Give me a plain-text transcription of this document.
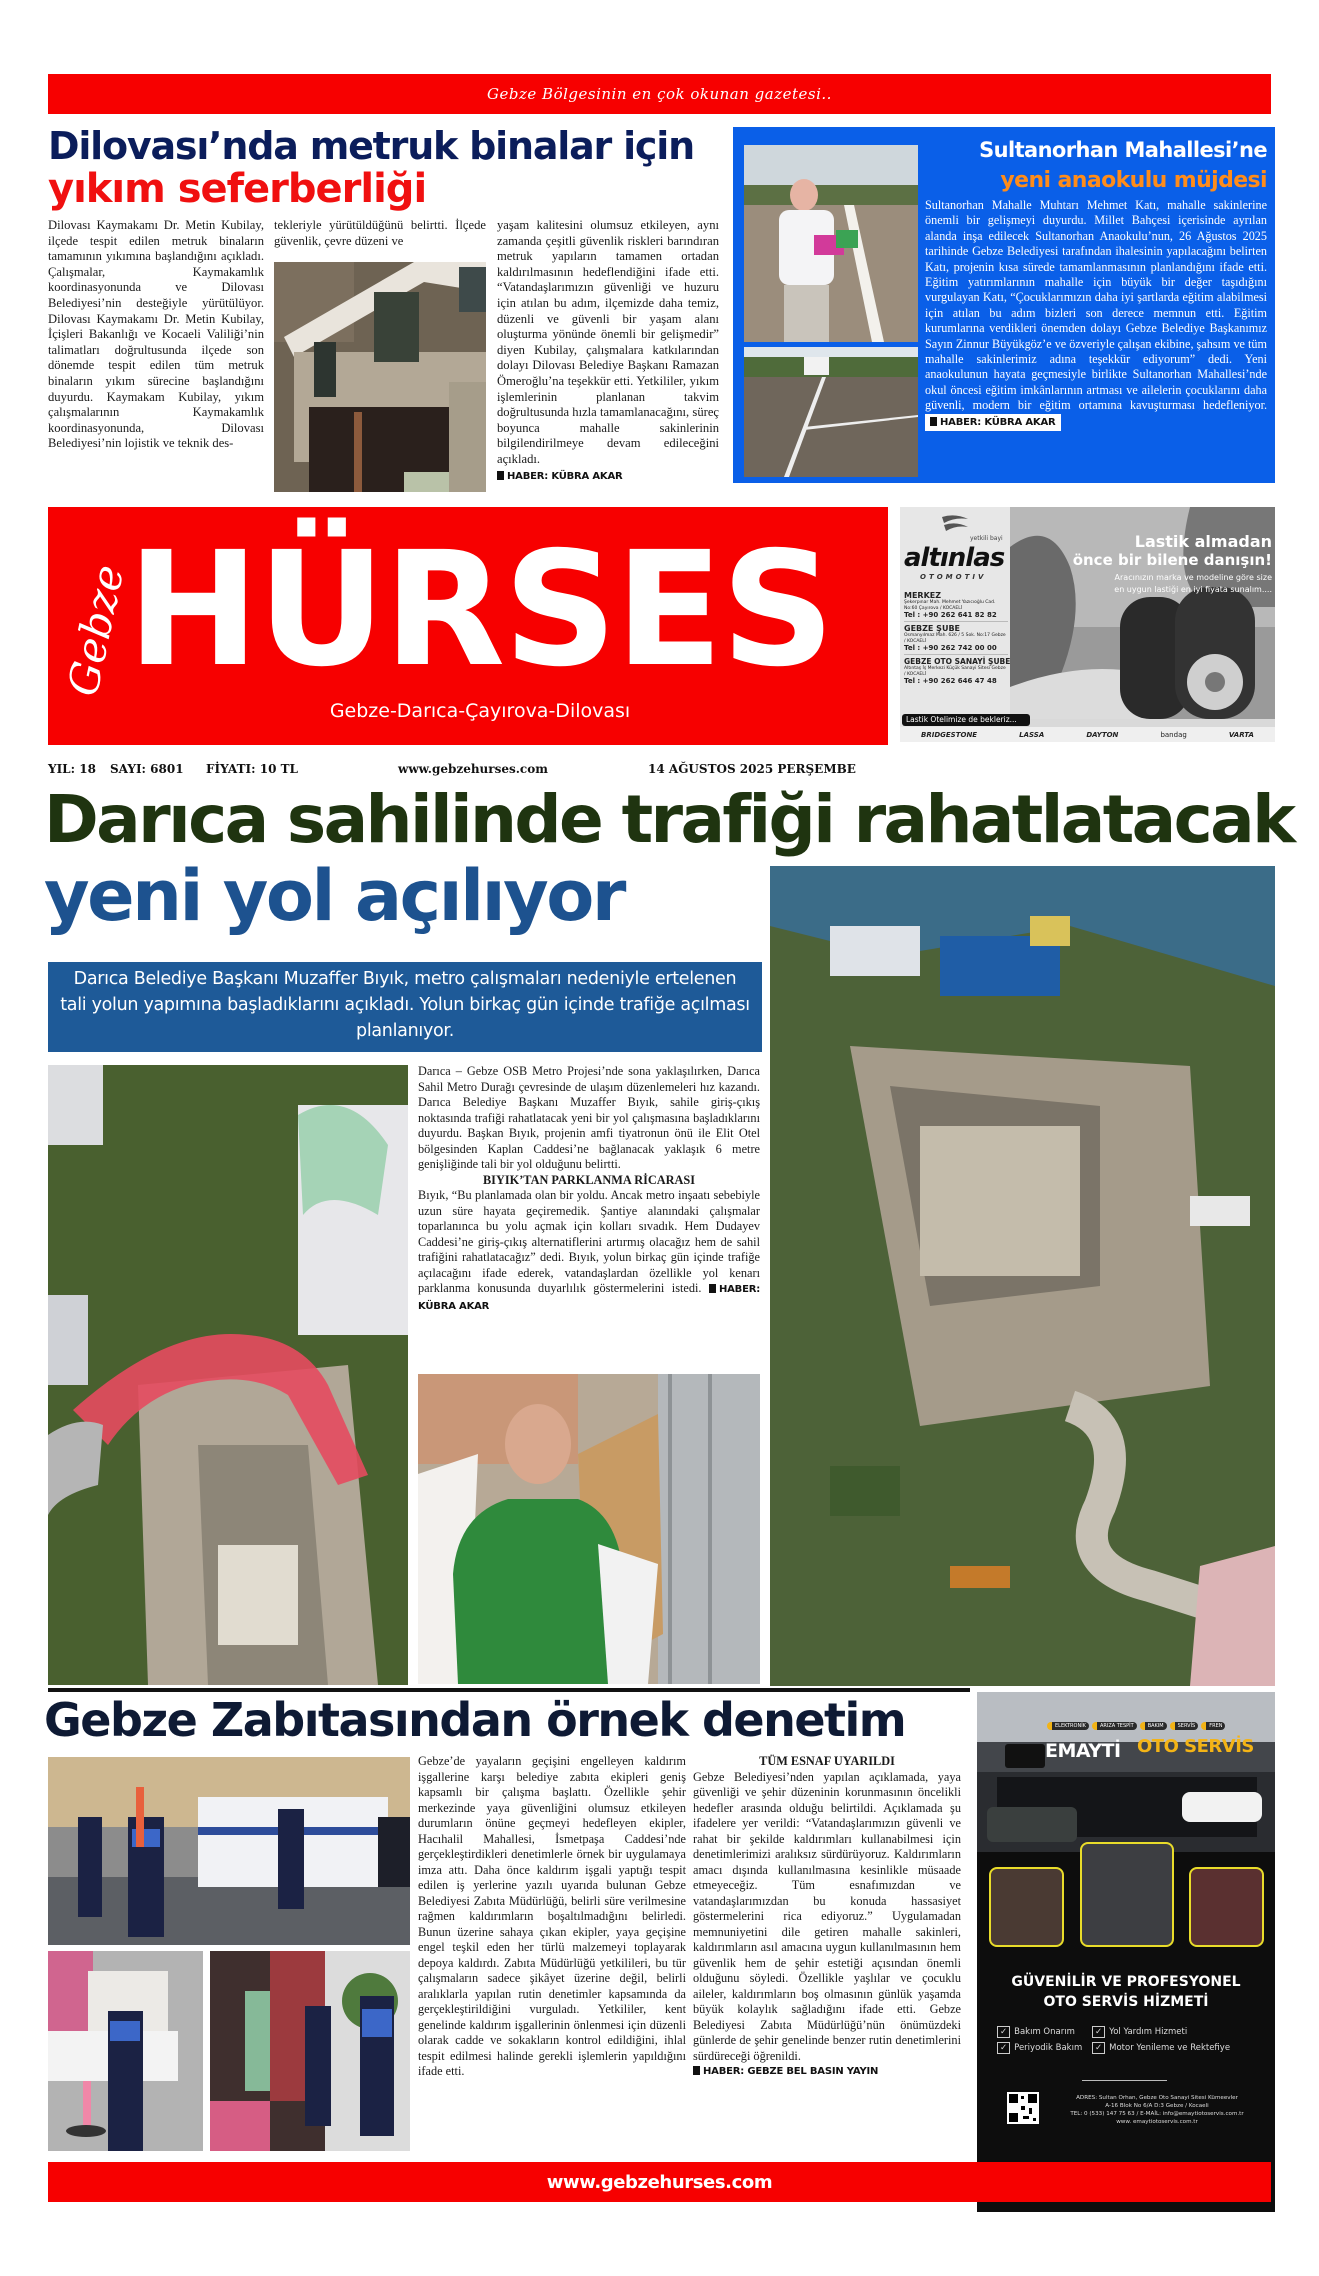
Gebze Bölgesinin en çok okunan gazetesi..
Dilovası’nda metruk binalar için
yıkım seferberliği
Dilovası Kaymakamı Dr. Metin Kubilay, ilçede tespit edilen metruk binaların tamamının yıkımına başlandığını açıkladı. Çalışmalar, Kaymakamlık koordinasyonunda ve Dilovası Belediyesi’nin desteğiyle yürütülüyor. Dilovası Kaymakamı Dr. Metin Kubilay, İçişleri Bakanlığı ve Kocaeli Valiliği’nin talimatları doğrultusunda ilçede son dönemde tespit edilen tüm metruk binaların yıkım sürecine başlandığını duyurdu. Kaymakam Kubilay, yıkım çalışmalarının Kaymakamlık koordinasyonunda, Dilovası Belediyesi’nin lojistik ve teknik des-
tekleriyle yürütüldüğünü belirtti. İlçede güvenlik, çevre düzeni ve
yaşam kalitesini olumsuz etkileyen, aynı zamanda çeşitli güvenlik riskleri barındıran metruk yapıların tamamen ortadan kaldırılmasının hedeflendiğini ifade etti. “Vatandaşlarımızın güvenliği ve huzuru için atılan bu adım, ilçemizde daha temiz, düzenli ve güvenli bir yaşam alanı oluşturma yönünde önemli bir gelişmedir” diyen Kubilay, çalışmalara katkılarından dolayı Dilovası Belediye Başkanı Ramazan Ömeroğlu’na teşekkür etti. Yetkililer, yıkım işlemlerinin planlanan takvim doğrultusunda hızla tamamlanacağını, süreç boyunca mahalle sakinlerinin bilgilendirilmeye devam edileceğini açıkladı.
HABER: KÜBRA AKAR
Sultanorhan Mahallesi’ne
yeni anaokulu müjdesi
Sultanorhan Mahalle Muhtarı Mehmet Katı, mahalle sakinlerine önemli bir gelişmeyi duyurdu. Millet Bahçesi içerisinde ayrılan alanda inşa edilecek Sultanorhan Anaokulu’nun, 26 Ağustos 2025 tarihinde Gebze Belediyesi tarafından ihalesinin yapılacağını belirten Katı, projenin kısa sürede tamamlanmasının planlandığını ifade etti. Eğitim yatırımlarının mahalle için büyük bir değer taşıdığını vurgulayan Katı, “Çocuklarımızın daha iyi şartlarda eğitim alabilmesi için atılan bu adım bizleri son derece memnun etti. Eğitim kurumlarına verdikleri önemden dolayı Gebze Belediye Başkanımız Sayın Zinnur Büyükgöz’e ve özveriyle çalışan ekibine, şahsım ve tüm mahalle sakinlerimiz adına teşekkür ediyorum” dedi. Yeni anaokulunun hayata geçmesiyle birlikte Sultanorhan Mahallesi’nde okul öncesi eğitim imkânlarının artması ve ailelerin çocuklarını daha güvenli, modern bir eğitim ortamına kavuşturması hedefleniyor. HABER: KÜBRA AKAR
Gebze
HÜRSES
Gebze-Darıca-Çayırova-Dilovası
altınlas
yetkili bayi
OTOMOTIV
MERKEZ
Şekerpınar Mah. Mehmet Yazıcıoğlu Cad. No:60 Çayırova / KOCAELİ
Tel : +90 262 641 82 82
GEBZE ŞUBE
Osmanyılmaz Mah. 626 / 5 Sok. No:17 Gebze / KOCAELİ
Tel : +90 262 742 00 00
GEBZE OTO SANAYİ ŞUBE
Altıntaş İş Merkezi Küçük Sanayi Sitesi Gebze / KOCAELİ
Tel : +90 262 646 47 48
Lastik almadan
önce bir bilene danışın!
Aracınızın marka ve modeline göre size
en uygun lastiği en iyi fiyata sunalım....
Lastik Otelimize de bekleriz...
BRIDGESTONE	LASSA	DAYTON	bandag	VARTA
YIL: 18 SAYI: 6801 FİYATI: 10 TL	www.gebzehurses.com	14 AĞUSTOS 2025 PERŞEMBE
Darıca sahilinde trafiği rahatlatacak
yeni yol açılıyor
Darıca Belediye Başkanı Muzaffer Bıyık, metro çalışmaları nedeniyle ertelenen tali yolun yapımına başladıklarını açıkladı. Yolun birkaç gün içinde trafiğe açılması planlanıyor.
Darıca – Gebze OSB Metro Projesi’nde sona yaklaşılırken, Darıca Sahil Metro Durağı çevresinde de ulaşım düzenlemeleri hız kazandı. Darıca Belediye Başkanı Muzaffer Bıyık, sahile giriş-çıkış noktasında trafiği rahatlatacak yeni bir yol çalışmasına başladıklarını duyurdu. Başkan Bıyık, projenin amfi tiyatronun önü ile Elit Otel bölgesinden Kaplan Caddesi’ne bağlanacak yaklaşık 6 metre genişliğinde tali bir yol olduğunu belirtti.
BIYIK’TAN PARKLANMA RİCARASI
Bıyık, “Bu planlamada olan bir yoldu. Ancak metro inşaatı sebebiyle uzun süre hayata geçiremedik. Şantiye alanındaki çalışmalar toparlanınca bu yolu açmak için kolları sıvadık. Hem Dudayev Caddesi’ne giriş-çıkış alternatiflerini artırmış olacağız hem de sahil trafiğini rahatlatacağız” dedi. Bıyık, yolun birkaç gün içinde trafiğe açılacağını ifade ederek, vatandaşlardan özellikle yol kenarı parklanma konusunda duyarlılık göstermelerini istedi. HABER: KÜBRA AKAR
Gebze Zabıtasından örnek denetim
Gebze’de yayaların geçişini engelleyen kaldırım işgallerine karşı belediye zabıta ekipleri geniş kapsamlı bir çalışma başlattı. Özellikle şehir merkezinde yaya güvenliğini olumsuz etkileyen durumların önüne geçmeyi hedefleyen ekipler, Hacıhalil Mahallesi, İsmetpaşa Caddesi’nde gerçekleştirdikleri denetimlerle örnek bir uygulamaya imza attı. Daha önce kaldırım işgali yaptığı tespit edilen iş yerlerine yazılı uyarıda bulunan Gebze Belediyesi Zabıta Müdürlüğü, belirli süre verilmesine rağmen kaldırımların boşaltılmadığını belirledi. Bunun üzerine sahaya çıkan ekipler, yaya geçişine engel teşkil eden her türlü malzemeyi toplayarak depoya kaldırdı. Zabıta Müdürlüğü yetkilileri, bu tür çalışmaların sadece şikâyet üzerine değil, belirli aralıklarla yapılan rutin denetimler kapsamında da gerçekleştirildiğini vurguladı. Yetkililer, kent genelinde kaldırım işgallerinin önlenmesi için düzenli olarak cadde ve sokakların kontrol edildiğini, ihlal tespit edilmesi halinde gerekli işlemlerin yapıldığını ifade etti.
TÜM ESNAF UYARILDI
Gebze Belediyesi’nden yapılan açıklamada, yaya güvenliği ve şehir düzeninin korunmasının öncelikli hedefler arasında olduğu belirtildi. Açıklamada şu ifadelere yer verildi: “Vatandaşlarımızın güvenli ve rahat bir şekilde kaldırımları kullanabilmesi için denetimlerimizi aralıksız sürdürüyoruz. Kaldırımların amacı dışında kullanılmasına kesinlikle müsaade etmeyeceğiz. Tüm esnafımızdan ve vatandaşlarımızdan bu konuda hassasiyet göstermelerini rica ediyoruz.” Uygulamadan memnuniyetini dile getiren mahalle sakinleri, kaldırımların asıl amacına uygun kullanılmasının hem güvenlik hem de şehir estetiği açısından önemli olduğunu söyledi. Özellikle yaşlılar ve çocuklu aileler, kaldırımların boş olmasının günlük yaşamda büyük kolaylık sağladığını ifade etti. Gebze Belediyesi Zabıta Müdürlüğü’nün önümüzdeki günlerde de şehir genelinde benzer rutin denetimlerini sürdüreceği öğrenildi.
HABER: GEBZE BEL BASIN YAYIN
ELEKTRONİK	ARIZA TESPİT	BAKIM	SERVİS	FREN
EMAYTİ OTO SERVİS
GÜVENİLİR VE PROFESYONEL
OTO SERVİS HİZMETİ
✓ Bakım Onarım	✓ Yol Yardım Hizmeti
✓ Periyodik Bakım	✓ Motor Yenileme ve Rektefiye
ADRES: Sultan Orhan, Gebze Oto Sanayi Sitesi Kümeevler
A-16 Blok No 6/A D:3 Gebze / Kocaeli
TEL: 0 (533) 147 75 63 / E-MAİL: info@emaytiotoservis.com.tr
www. emaytiotoservis.com.tr
www.gebzehurses.com
